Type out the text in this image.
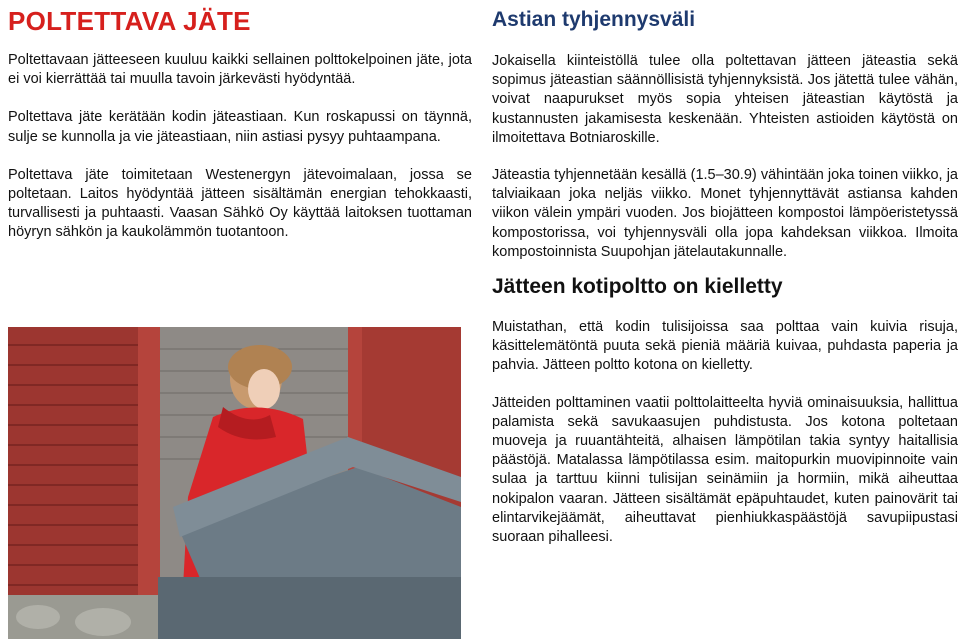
POLTETTAVA JÄTE

Poltettavaan jätteeseen kuuluu kaikki sellainen polttokelpoinen jäte, jota ei voi kierrättää tai muulla tavoin järkevästi hyödyntää.

Poltettava jäte kerätään kodin jäteastiaan. Kun roskapussi on täynnä, sulje se kunnolla ja vie jäteastiaan, niin astiasi pysyy puhtaampana.

Poltettava jäte toimitetaan Westenergyn jätevoimalaan, jossa se poltetaan. Laitos hyödyntää jätteen sisältämän energian tehokkaasti, turvallisesti ja puhtaasti. Vaasan Sähkö Oy käyttää laitoksen tuottaman höyryn sähkön ja kaukolämmön tuotantoon.

Astian tyhjennysväli

Jokaisella kiinteistöllä tulee olla poltettavan jätteen jäteastia sekä sopimus jäteastian säännöllisistä tyhjennyksistä. Jos jätettä tulee vähän, voivat naapurukset myös sopia yhteisen jäteastian käytöstä ja kustannusten jakamisesta keskenään. Yhteisten astioiden käytöstä on ilmoitettava Botniaroskille.

Jäteastia tyhjennetään kesällä (1.5–30.9) vähintään joka toinen viikko, ja talviaikaan joka neljäs viikko. Monet tyhjennyttävät astiansa kahden viikon välein ympäri vuoden. Jos biojätteen kompostoi lämpöeristetyssä kompostorissa, voi tyhjennysväli olla jopa kahdeksan viikkoa. Ilmoita kompostoinnista Suupohjan jätelautakunnalle.

Jätteen kotipoltto on kielletty

Muistathan, että kodin tulisijoissa saa polttaa vain kuivia risuja, käsittelemätöntä puuta sekä pieniä määriä kuivaa, puhdasta paperia ja pahvia. Jätteen poltto kotona on kielletty.

Jätteiden polttaminen vaatii polttolaitteelta hyviä ominaisuuksia, hallittua palamista sekä savukaasujen puhdistusta. Jos kotona poltetaan muoveja ja ruuantähteitä, alhaisen lämpötilan takia syntyy haitallisia päästöjä. Matalassa lämpötilassa esim. maitopurkin muovipinnoite vain sulaa ja tarttuu kiinni tulisijan seinämiin ja hormiin, mikä aiheuttaa nokipalon vaaran. Jätteen sisältämät epäpuhtaudet, kuten painovärit tai elintarvikejäämät, aiheuttavat pienhiukkaspäästöjä savupiipustasi suoraan pihalleesi.
